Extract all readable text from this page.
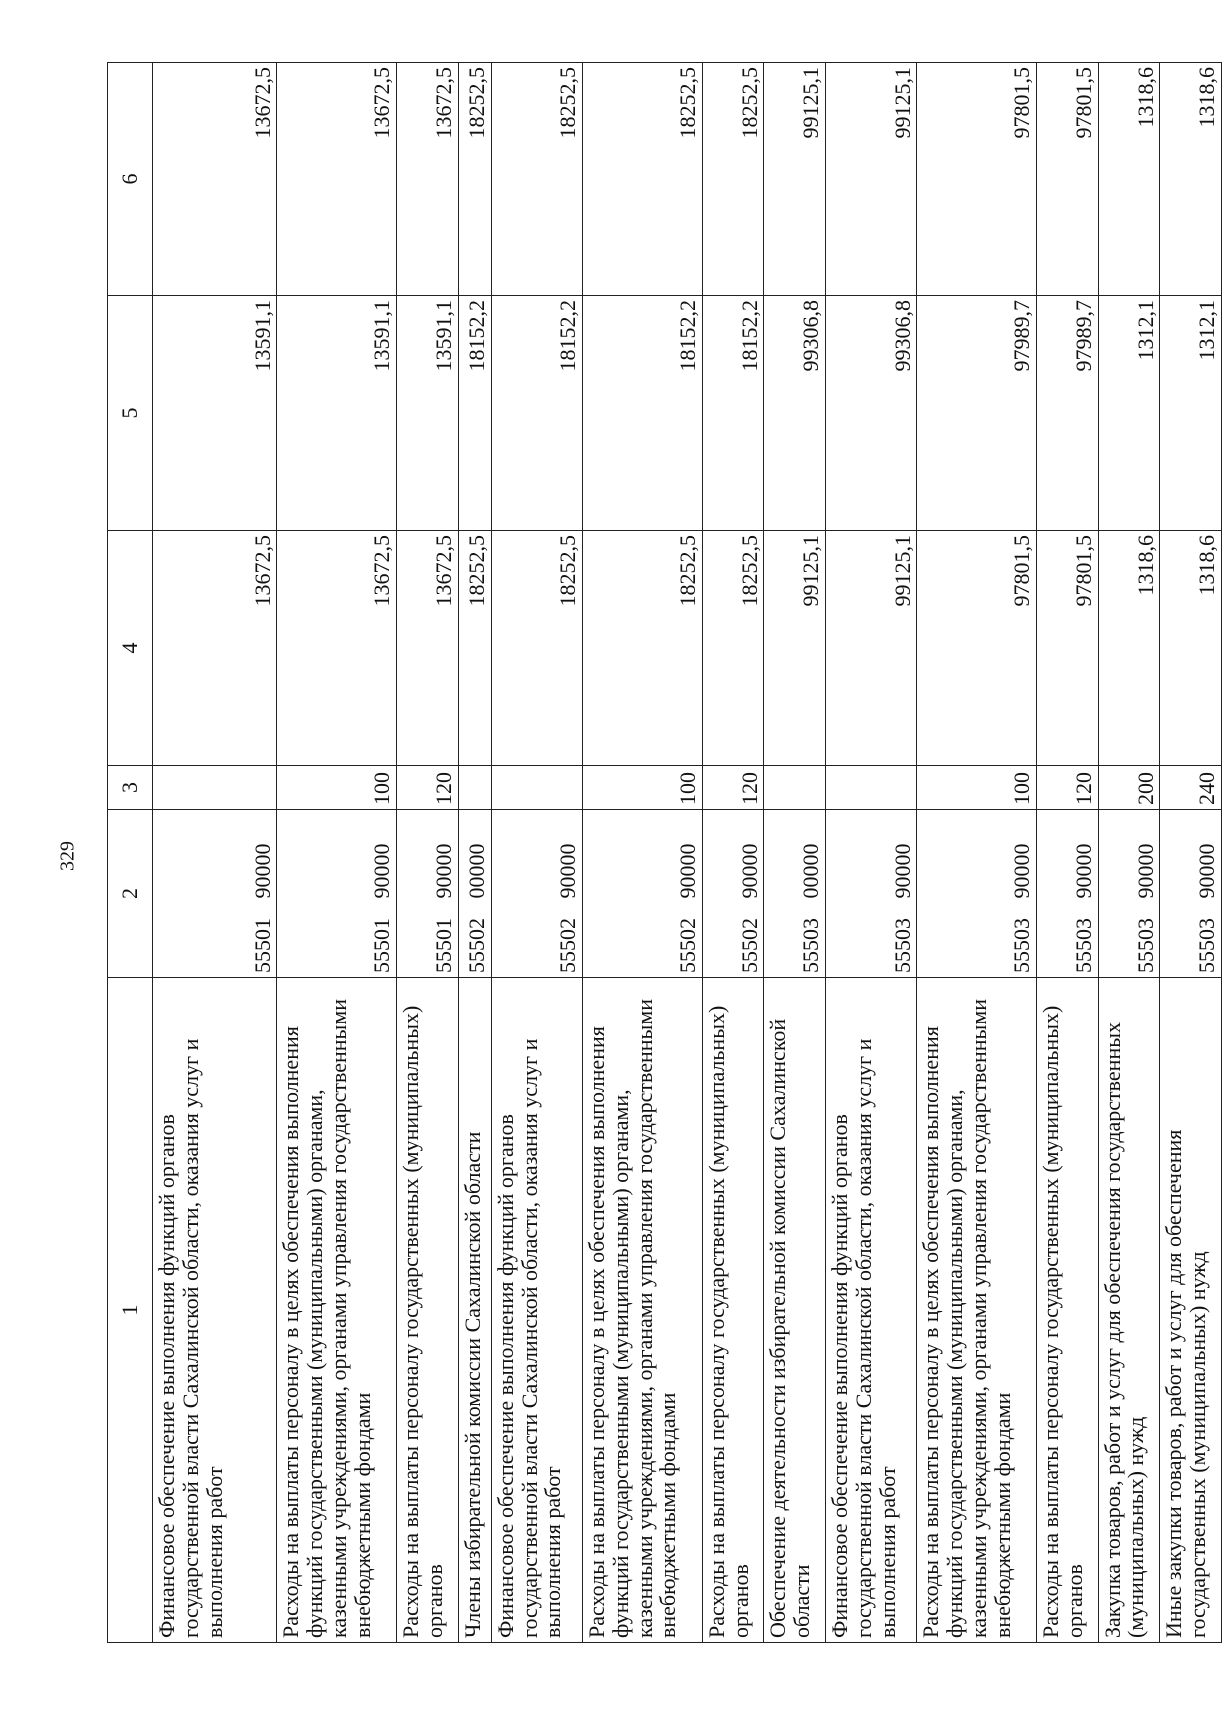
329
1	2	3	4	5	6
Финансовое обеспечение выполнения функций органов государственной власти Сахалинской области, оказания услуг и выполнения работ	55501 90000		13672,5	13591,1	13672,5
Расходы на выплаты персоналу в целях обеспечения выполнения функций государственными (муниципальными) органами, казенными учреждениями, органами управления государственными внебюджетными фондами	55501 90000	100	13672,5	13591,1	13672,5
Расходы на выплаты персоналу государственных (муниципальных) органов	55501 90000	120	13672,5	13591,1	13672,5
Члены избирательной комиссии Сахалинской области	55502 00000		18252,5	18152,2	18252,5
Финансовое обеспечение выполнения функций органов государственной власти Сахалинской области, оказания услуг и выполнения работ	55502 90000		18252,5	18152,2	18252,5
Расходы на выплаты персоналу в целях обеспечения выполнения функций государственными (муниципальными) органами, казенными учреждениями, органами управления государственными внебюджетными фондами	55502 90000	100	18252,5	18152,2	18252,5
Расходы на выплаты персоналу государственных (муниципальных) органов	55502 90000	120	18252,5	18152,2	18252,5
Обеспечение деятельности избирательной комиссии Сахалинской области	55503 00000		99125,1	99306,8	99125,1
Финансовое обеспечение выполнения функций органов государственной власти Сахалинской области, оказания услуг и выполнения работ	55503 90000		99125,1	99306,8	99125,1
Расходы на выплаты персоналу в целях обеспечения выполнения функций государственными (муниципальными) органами, казенными учреждениями, органами управления государственными внебюджетными фондами	55503 90000	100	97801,5	97989,7	97801,5
Расходы на выплаты персоналу государственных (муниципальных) органов	55503 90000	120	97801,5	97989,7	97801,5
Закупка товаров, работ и услуг для обеспечения государственных (муниципальных) нужд	55503 90000	200	1318,6	1312,1	1318,6
Иные закупки товаров, работ и услуг для обеспечения государственных (муниципальных) нужд	55503 90000	240	1318,6	1312,1	1318,6
